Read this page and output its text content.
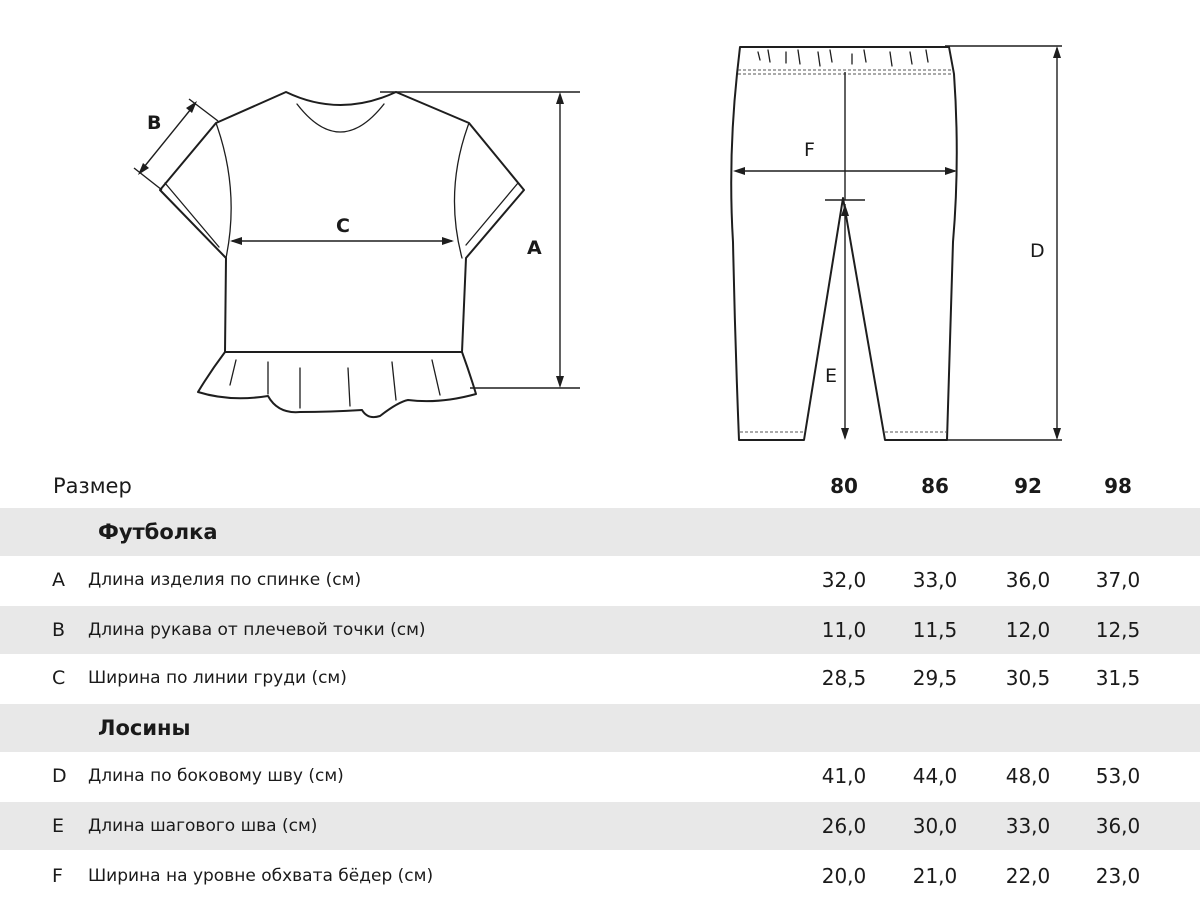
A
B
C
D
F
E
Размер	80	86	92	98
Футболка
A Длина изделия по спинке (см)	32,0	33,0	36,0	37,0
B Длина рукава от плечевой точки (см)	11,0	11,5	12,0	12,5
C Ширина по линии груди (см)	28,5	29,5	30,5	31,5
Лосины
D Длина по боковому шву (см)	41,0	44,0	48,0	53,0
E Длина шагового шва (см)	26,0	30,0	33,0	36,0
F Ширина на уровне обхвата бёдер (см)	20,0	21,0	22,0	23,0
